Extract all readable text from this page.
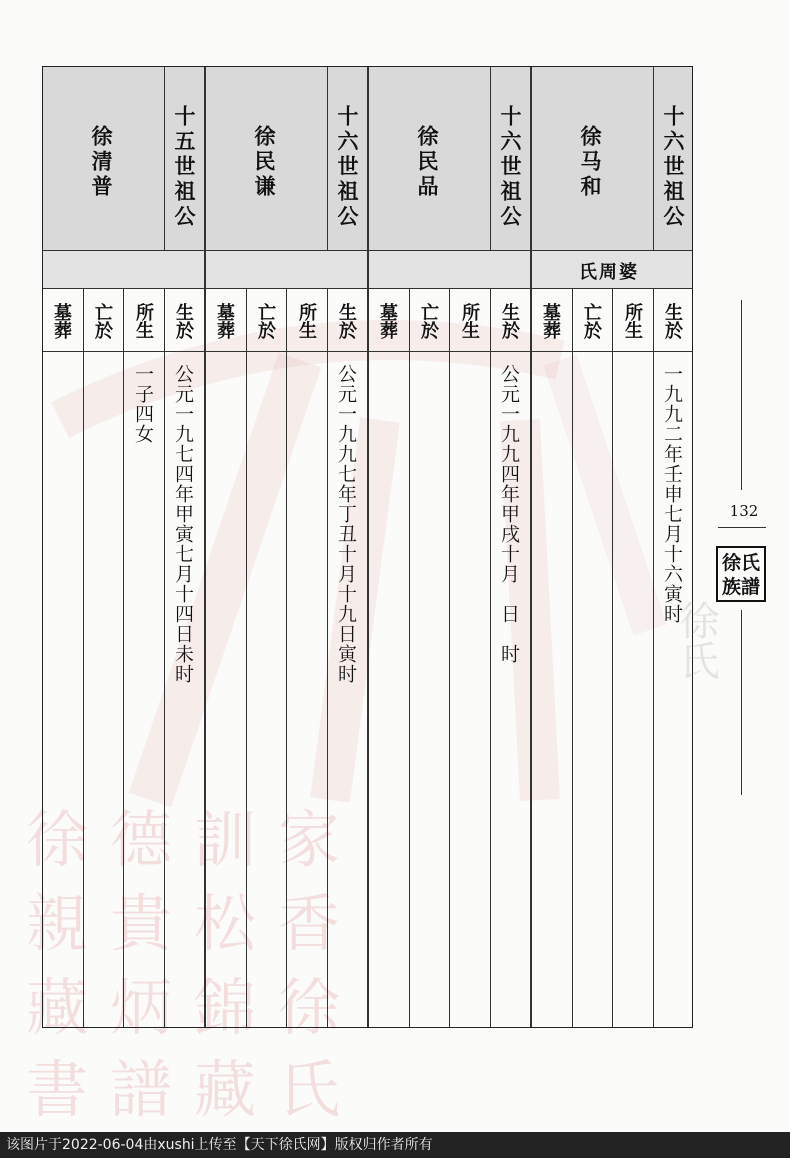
徐 德 訓 家
親 貴 松 香
藏 炳 錦 徐
書 譜 藏 氏
十六世祖公
徐马和
氏周婆
生於
所生
亡於
墓葬
一九九二年壬申七月十六寅时
十六世祖公
徐民品
生於
所生
亡於
墓葬
公元一九九四年甲戌十月　日　时
十六世祖公
徐民谦
生於
所生
亡於
墓葬
公元一九九七年丁丑十月十九日寅时
十五世祖公
徐清普
生於
所生
亡於
墓葬
公元一九七四年甲寅七月十四日未时
一子四女
132
徐氏族譜
徐氏
该图片于2022-06-04由xushi上传至【天下徐氏网】版权归作者所有
